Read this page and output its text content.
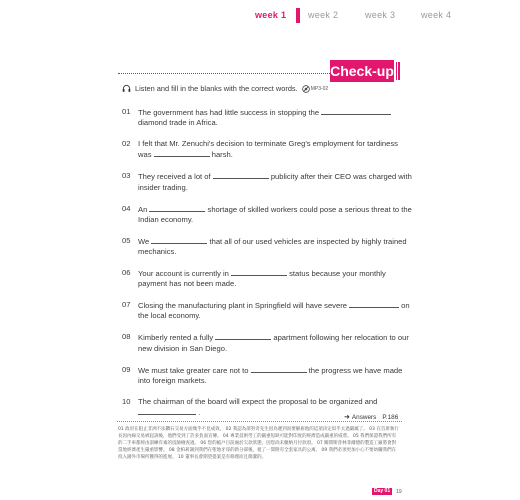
week 1 week 2	week 3	week 4
Check-up
Listen and fill in the blanks with the correct words.	MP3-02
01 The government has had little success in stopping the
diamond trade in Africa.
02 I felt that Mr. Zenuchi's decision to terminate Greg's employment for tardiness was	harsh.
03 They received a lot of	publicity after their CEO was charged with insider trading.
04 An	shortage of skilled workers could pose a serious threat to the Indian economy.
05 We	that all of our used vehicles are inspected by highly trained mechanics.
06 Your account is currently in	status because your monthly payment has not been made.
07 Closing the manufacturing plant in Springfield will have severe	on the local economy.
08 Kimberly rented a fully	apartment following her relocation to our new division in San Diego.
09 We must take greater care not to	the progress we have made into foreign markets.
10 The chairman of the board will expect the proposal to be organized and
.
➜ Answers P.186
01 政府在阻止非洲不法鑽石交易方面幾乎不見成效。 02 我認為澤努奇先生因為遲到而要解雇他的這項決定似乎太過嚴厲了。 03 在首席執行長因內線交易被起訴後，他們受到了許多負面宣傳。 04 專業技術勞工的嚴重短缺可能對印度的經濟造成嚴重的威脅。 05 我們保證我們所有的二手車都經由訓練有素的技師檢查過。 06 您的帳戶目前處於欠款狀態，因您尚未繳納月付款項。 07 關閉斯普林菲爾德的製造工廠將會對當地經濟產生嚴重影響。 08 金柏莉調到我們在聖地牙哥的新分部後，租了一間附有全套家具的公寓。 09 我們必須更加小心不要妨礙我們在投入國外市場所獲得的進展。 10 董事長會期望提案是有條理而且簡潔的。
Day 01	19
